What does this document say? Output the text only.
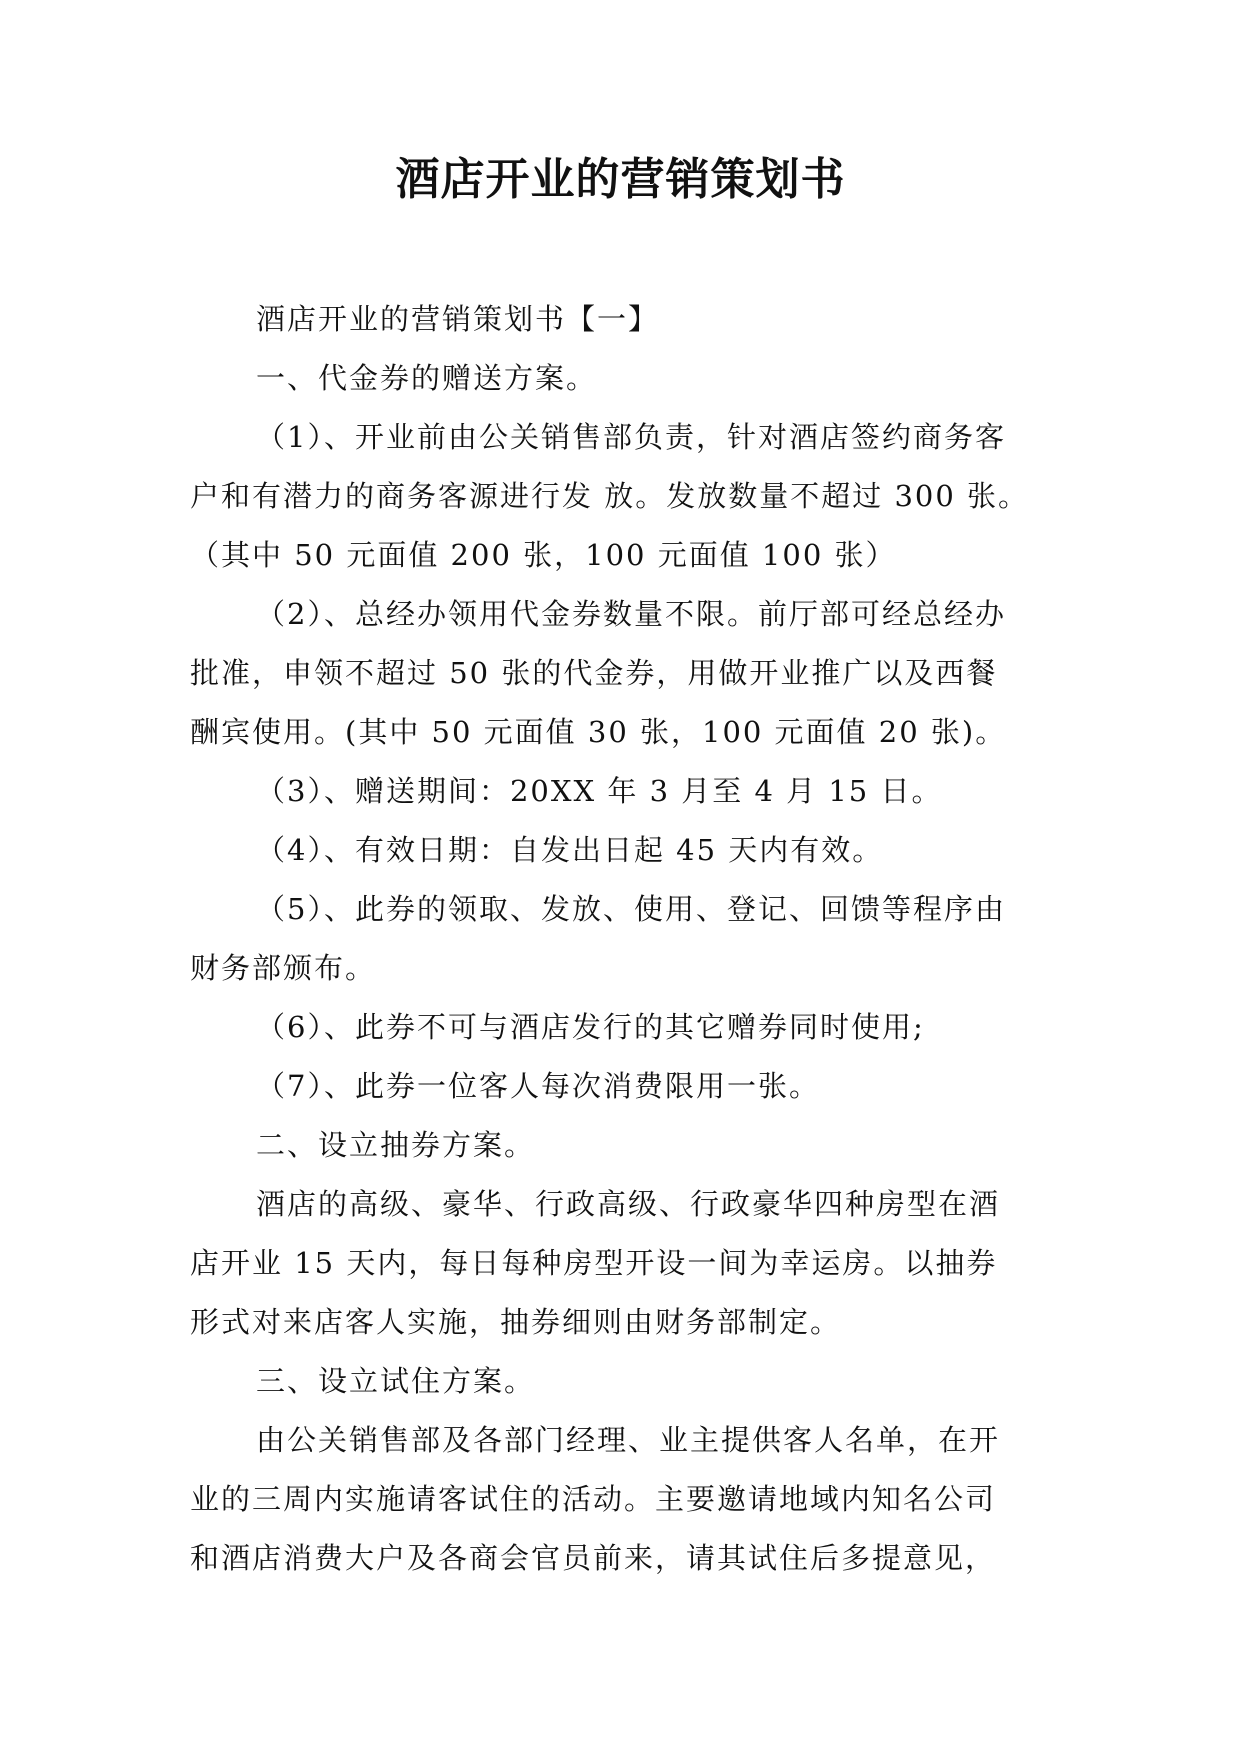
酒店开业的营销策划书
酒店开业的营销策划书【一】
一、代金券的赠送方案。
（1）、开业前由公关销售部负责，针对酒店签约商务客
户和有潜力的商务客源进行发 放。发放数量不超过 300 张。
（其中 50 元面值 200 张，100 元面值 100 张）
（2）、总经办领用代金券数量不限。前厅部可经总经办
批准，申领不超过 50 张的代金券，用做开业推广以及西餐
酬宾使用。(其中 50 元面值 30 张，100 元面值 20 张)。
（3）、赠送期间：20XX 年 3 月至 4 月 15 日。
（4）、有效日期：自发出日起 45 天内有效。
（5）、此券的领取、发放、使用、登记、回馈等程序由
财务部颁布。
（6）、此券不可与酒店发行的其它赠券同时使用;
（7）、此券一位客人每次消费限用一张。
二、设立抽券方案。
酒店的高级、豪华、行政高级、行政豪华四种房型在酒
店开业 15 天内，每日每种房型开设一间为幸运房。以抽券
形式对来店客人实施，抽券细则由财务部制定。
三、设立试住方案。
由公关销售部及各部门经理、业主提供客人名单，在开
业的三周内实施请客试住的活动。主要邀请地域内知名公司
和酒店消费大户及各商会官员前来，请其试住后多提意见，
